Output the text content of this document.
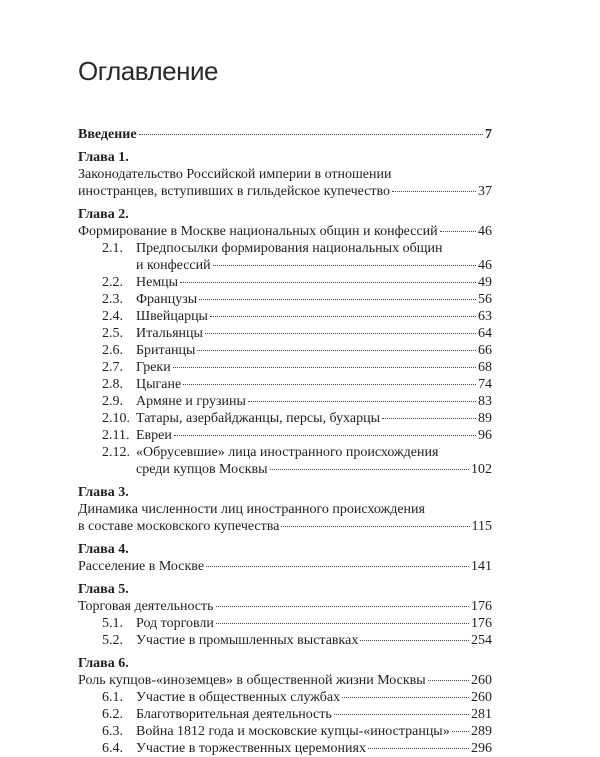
Оглавление
Введение	7
Глава 1.
Законодательство Российской империи в отношении
иностранцев, вступивших в гильдейское купечество	37
Глава 2.
Формирование в Москве национальных общин и конфессий	46
2.1. Предпосылки формирования национальных общин
и конфессий	46
2.2. Немцы	49
2.3. Французы	56
2.4. Швейцарцы	63
2.5. Итальянцы	64
2.6. Британцы	66
2.7. Греки	68
2.8. Цыгане	74
2.9. Армяне и грузины	83
2.10. Татары, азербайджанцы, персы, бухарцы	89
2.11. Евреи	96
2.12. «Обрусевшие» лица иностранного происхождения
среди купцов Москвы	102
Глава 3.
Динамика численности лиц иностранного происхождения
в составе московского купечества	115
Глава 4.
Расселение в Москве	141
Глава 5.
Торговая деятельность	176
5.1. Род торговли	176
5.2. Участие в промышленных выставках	254
Глава 6.
Роль купцов-«иноземцев» в общественной жизни Москвы	260
6.1. Участие в общественных службах	260
6.2. Благотворительная деятельность	281
6.3. Война 1812 года и московские купцы-«иностранцы» 289
6.4. Участие в торжественных церемониях	296
